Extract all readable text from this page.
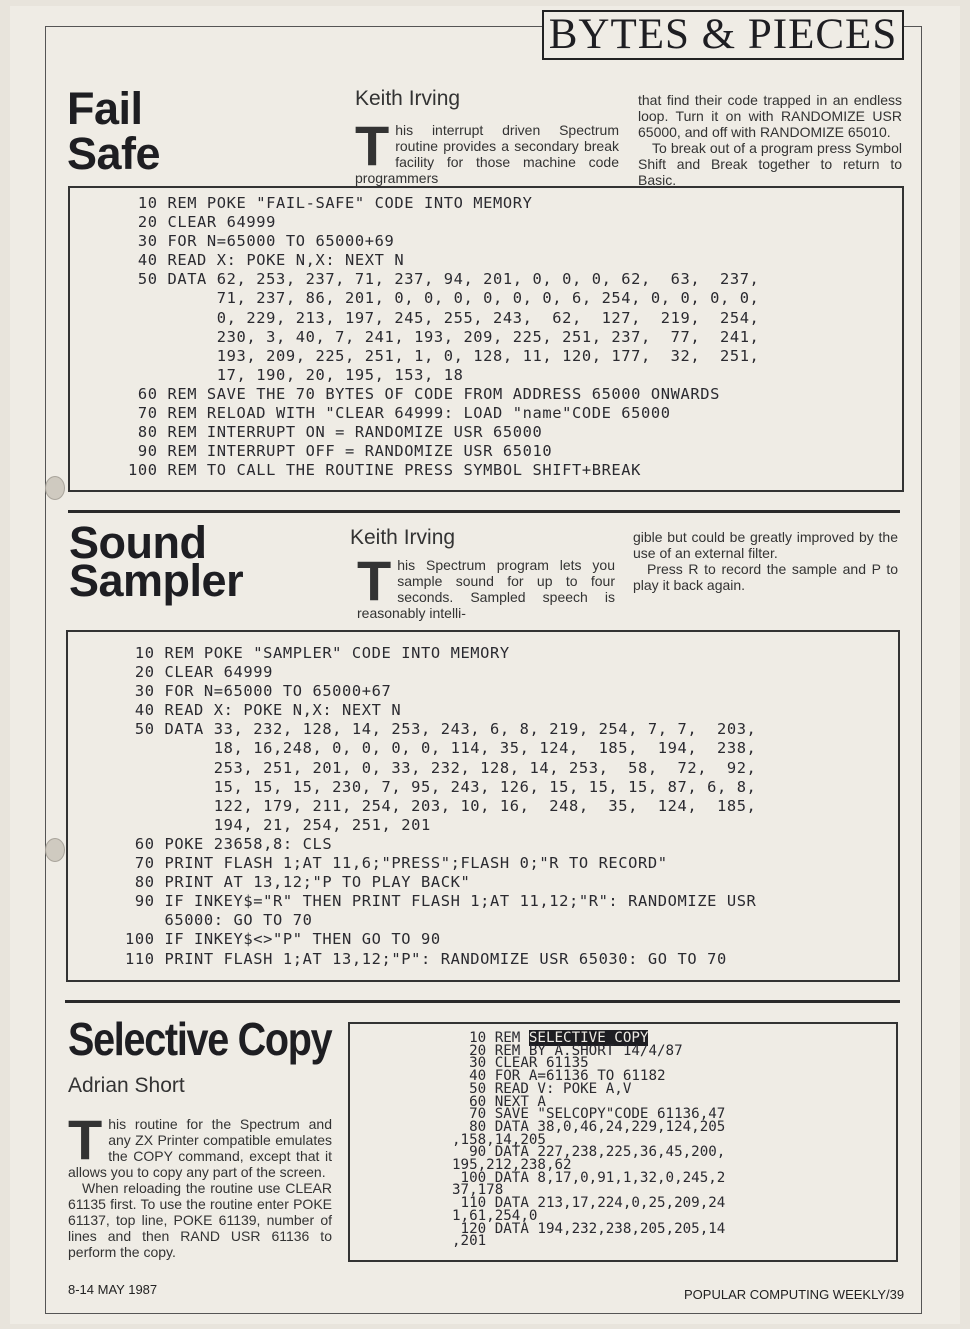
BYTES & PIECES
Fail
Safe
Keith Irving
T his interrupt driven Spectrum routine provides a secondary break facility for those machine code programmers

that find their code trapped in an endless loop. Turn it on with RANDOMIZE USR 65000, and off with RANDOMIZE 65010.

To break out of a program press Symbol Shift and Break together to return to Basic.

10 REM POKE "FAIL-SAFE" CODE INTO MEMORY
20 CLEAR 64999
30 FOR N=65000 TO 65000+69
40 READ X: POKE N,X: NEXT N
50 DATA 62, 253, 237, 71, 237, 94, 201, 0, 0, 0, 62,  63,  237,
71, 237, 86, 201, 0, 0, 0, 0, 0, 0, 6, 254, 0, 0, 0, 0,
0, 229, 213, 197, 245, 255, 243,  62,  127,  219,  254,
230, 3, 40, 7, 241, 193, 209, 225, 251, 237,  77,  241,
193, 209, 225, 251, 1, 0, 128, 11, 120, 177,  32,  251,
17, 190, 20, 195, 153, 18
60 REM SAVE THE 70 BYTES OF CODE FROM ADDRESS 65000 ONWARDS
70 REM RELOAD WITH "CLEAR 64999: LOAD "name"CODE 65000
80 REM INTERRUPT ON = RANDOMIZE USR 65000
90 REM INTERRUPT OFF = RANDOMIZE USR 65010
100 REM TO CALL THE ROUTINE PRESS SYMBOL SHIFT+BREAK
Sound
Sampler
Keith Irving
T his Spectrum program lets you sample sound for up to four seconds. Sampled speech is reasonably intelli-

gible but could be greatly improved by the use of an external filter.

Press R to record the sample and P to play it back again.

10 REM POKE "SAMPLER" CODE INTO MEMORY
20 CLEAR 64999
30 FOR N=65000 TO 65000+67
40 READ X: POKE N,X: NEXT N
50 DATA 33, 232, 128, 14, 253, 243, 6, 8, 219, 254, 7, 7,  203,
18, 16,248, 0, 0, 0, 0, 114, 35, 124,  185,  194,  238,
253, 251, 201, 0, 33, 232, 128, 14, 253,  58,  72,  92,
15, 15, 15, 230, 7, 95, 243, 126, 15, 15, 15, 87, 6, 8,
122, 179, 211, 254, 203, 10, 16,  248,  35,  124,  185,
194, 21, 254, 251, 201
60 POKE 23658,8: CLS
70 PRINT FLASH 1;AT 11,6;"PRESS";FLASH 0;"R TO RECORD"
80 PRINT AT 13,12;"P TO PLAY BACK"
90 IF INKEY$="R" THEN PRINT FLASH 1;AT 11,12;"R": RANDOMIZE USR
65000: GO TO 70
100 IF INKEY$<>"P" THEN GO TO 90
110 PRINT FLASH 1;AT 13,12;"P": RANDOMIZE USR 65030: GO TO 70
Selective Copy
Adrian Short
T his routine for the Spectrum and any ZX Printer compatible emulates the COPY command, except that it allows you to copy any part of the screen.
When reloading the routine use CLEAR 61135 first. To use the routine enter POKE 61137, top line, POKE 61139, number of lines and then RAND USR 61136 to perform the copy.
10 REM SELECTIVE COPY
20 REM BY A.SHORT 14/4/87
30 CLEAR 61135
40 FOR A=61136 TO 61182
50 READ V: POKE A,V
60 NEXT A
70 SAVE "SELCOPY"CODE 61136,47
80 DATA 38,0,46,24,229,124,205
,158,14,205
90 DATA 227,238,225,36,45,200,
195,212,238,62
100 DATA 8,17,0,91,1,32,0,245,2
37,178
110 DATA 213,17,224,0,25,209,24
1,61,254,0
120 DATA 194,232,238,205,205,14
,201
8-14 MAY 1987	POPULAR COMPUTING WEEKLY/39
